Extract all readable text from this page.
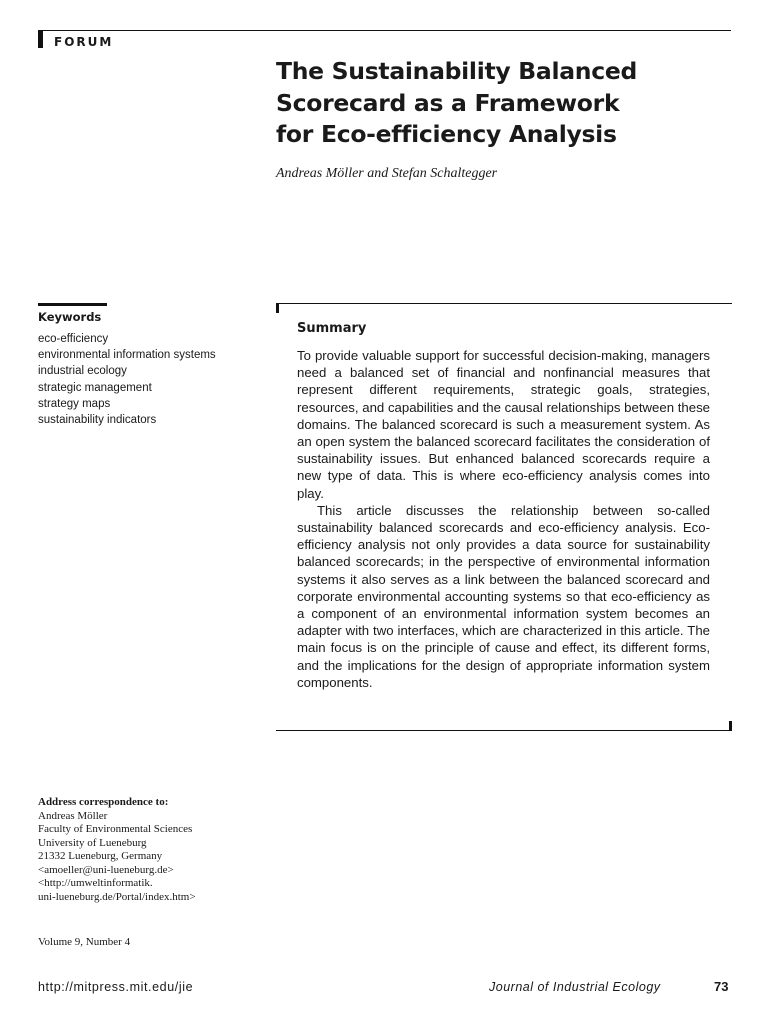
FORUM
The Sustainability Balanced
Scorecard as a Framework
for Eco-efficiency Analysis
Andreas Möller and Stefan Schaltegger
Keywords
eco-efficiency
environmental information systems
industrial ecology
strategic management
strategy maps
sustainability indicators
Summary

To provide valuable support for successful decision-making, managers need a balanced set of financial and nonfinancial measures that represent different requirements, strategic goals, strategies, resources, and capabilities and the causal relationships between these domains. The balanced scorecard is such a measurement system. As an open system the balanced scorecard facilitates the consideration of sustainability issues. But enhanced balanced scorecards require a new type of data. This is where eco-efficiency analysis comes into play.

This article discusses the relationship between so-called sustainability balanced scorecards and eco-efficiency analysis. Eco-efficiency analysis not only provides a data source for sustainability balanced scorecards; in the perspective of environmental information systems it also serves as a link between the balanced scorecard and corporate environmental accounting systems so that eco-efficiency as a component of an environmental information system becomes an adapter with two interfaces, which are characterized in this article. The main focus is on the principle of cause and effect, its different forms, and the implications for the design of appropriate information system components.

Address correspondence to:
Andreas Möller
Faculty of Environmental Sciences
University of Lueneburg
21332 Lueneburg, Germany
<amoeller@uni-lueneburg.de>
<http://umweltinformatik.
uni-lueneburg.de/Portal/index.htm>
Volume 9, Number 4
http://mitpress.mit.edu/jie	Journal of Industrial Ecology	73
